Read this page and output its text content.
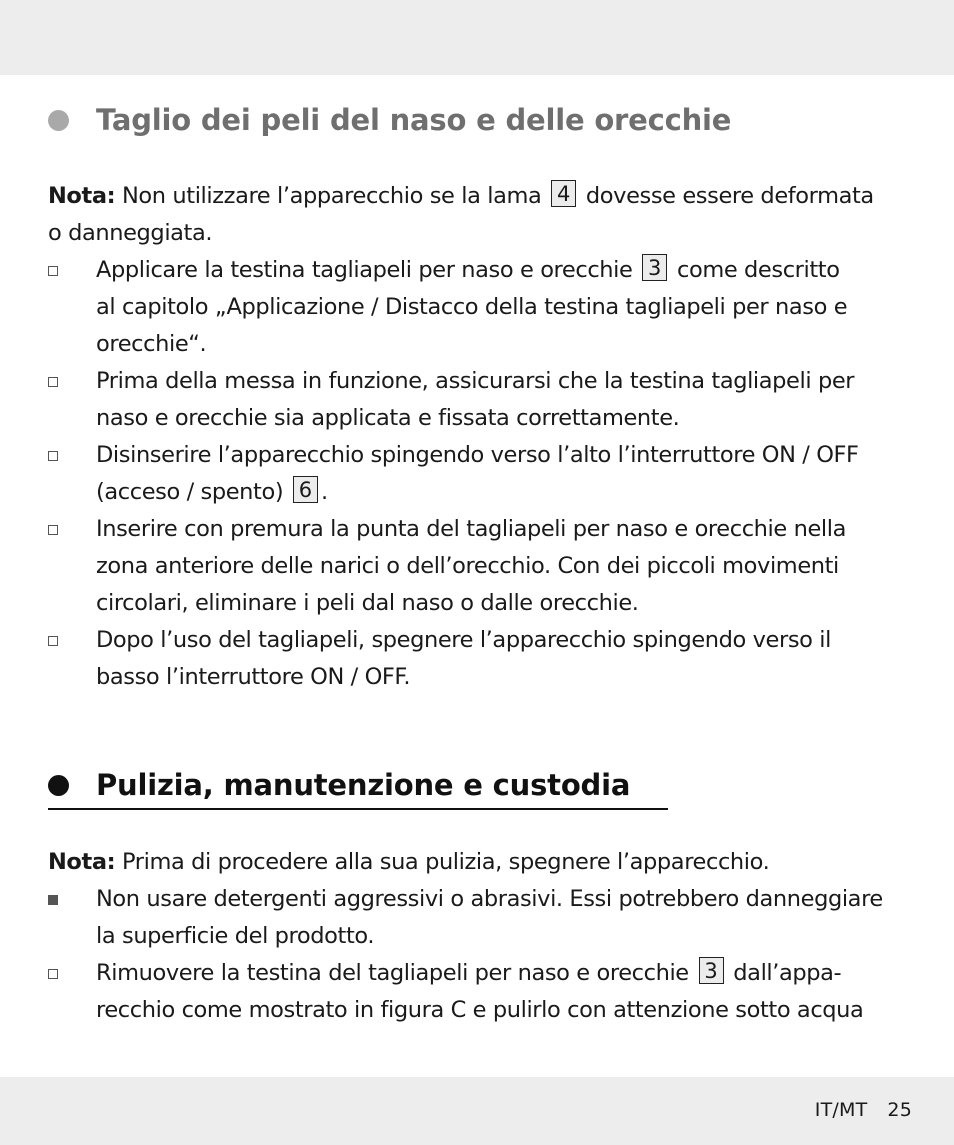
Taglio dei peli del naso e delle orecchie
Nota: Non utilizzare l’apparecchio se la lama 4 dovesse essere deformata
o danneggiata.
Applicare la testina tagliapeli per naso e orecchie 3 come descritto
al capitolo „Applicazione / Distacco della testina tagliapeli per naso e
orecchie“.
Prima della messa in funzione, assicurarsi che la testina tagliapeli per
naso e orecchie sia applicata e fissata correttamente.
Disinserire l’apparecchio spingendo verso l’alto l’interruttore ON / OFF
(acceso / spento) 6 .
Inserire con premura la punta del tagliapeli per naso e orecchie nella
zona anteriore delle narici o dell’orecchio. Con dei piccoli movimenti
circolari, eliminare i peli dal naso o dalle orecchie.
Dopo l’uso del tagliapeli, spegnere l’apparecchio spingendo verso il
basso l’interruttore ON / OFF.
Pulizia, manutenzione e custodia
Nota: Prima di procedere alla sua pulizia, spegnere l’apparecchio.
Non usare detergenti aggressivi o abrasivi. Essi potrebbero danneggiare
la superficie del prodotto.
Rimuovere la testina del tagliapeli per naso e orecchie 3 dall’appa-
recchio come mostrato in figura C e pulirlo con attenzione sotto acqua
IT/MT 25
